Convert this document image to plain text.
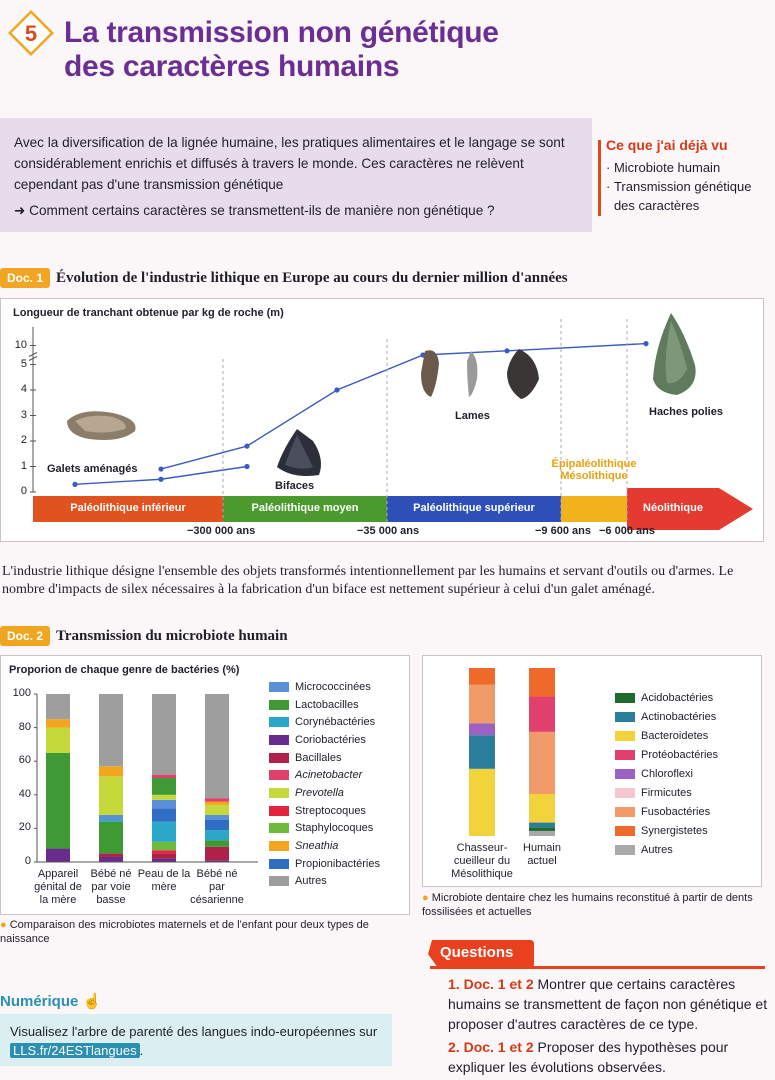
5 La transmission non génétique
des caractères humains
Avec la diversification de la lignée humaine, les pratiques alimentaires et le langage se sont considérablement enrichis et diffusés à travers le monde. Ces caractères ne relèvent cependant pas d'une transmission génétique
➜ Comment certains caractères se transmettent-ils de manière non génétique ?
Ce que j'ai déjà vu
· Microbiote humain
· Transmission génétique des caractères
Doc. 1 Évolution de l'industrie lithique en Europe au cours du dernier million d'années
Longueur de tranchant obtenue par kg de roche (m)
0
1
2
3
4
5
10
Paléolithique inférieur	Paléolithique moyen	Paléolithique supérieur
Épipaléolithique Mésolithique
Néolithique
−300 000 ans	−35 000 ans	−9 600 ans −6 000 ans
Galets aménagés
Bifaces
Lames	Haches polies
L'industrie lithique désigne l'ensemble des objets transformés intentionnellement par les humains et servant d'outils ou d'armes. Le nombre d'impacts de silex nécessaires à la fabrication d'un biface est nettement supérieur à celui d'un galet aménagé.
Doc. 2 Transmission du microbiote humain
Proporion de chaque genre de bactéries (%)
0
20
40
60
80
100
Appareil génital de la mère
Bébé né par voie basse
Peau de la mère
Bébé né par césarienne
Micrococcinées
Lactobacilles
Corynébactéries
Coriobactéries
Bacillales
Acinetobacter
Prevotella
Streptocoques
Staphylocoques
Sneathia
Propionibactéries
Autres
● Comparaison des microbiotes maternels et de l'enfant pour deux types de naissance
Chasseur-cueilleur du Mésolithique
Humain actuel
Acidobactéries
Actinobactéries
Bacteroidetes
Protéobactéries
Chloroflexi
Firmicutes
Fusobactéries
Synergistetes
Autres
● Microbiote dentaire chez les humains reconstitué à partir de dents fossilisées et actuelles
Numérique ☝
Visualisez l'arbre de parenté des langues indo-européennes sur LLS.fr/24ESTlangues .
Questions
1. Doc. 1 et 2 Montrer que certains caractères humains se transmettent de façon non génétique et proposer d'autres caractères de ce type.
2. Doc. 1 et 2 Proposer des hypothèses pour expliquer les évolutions observées.
